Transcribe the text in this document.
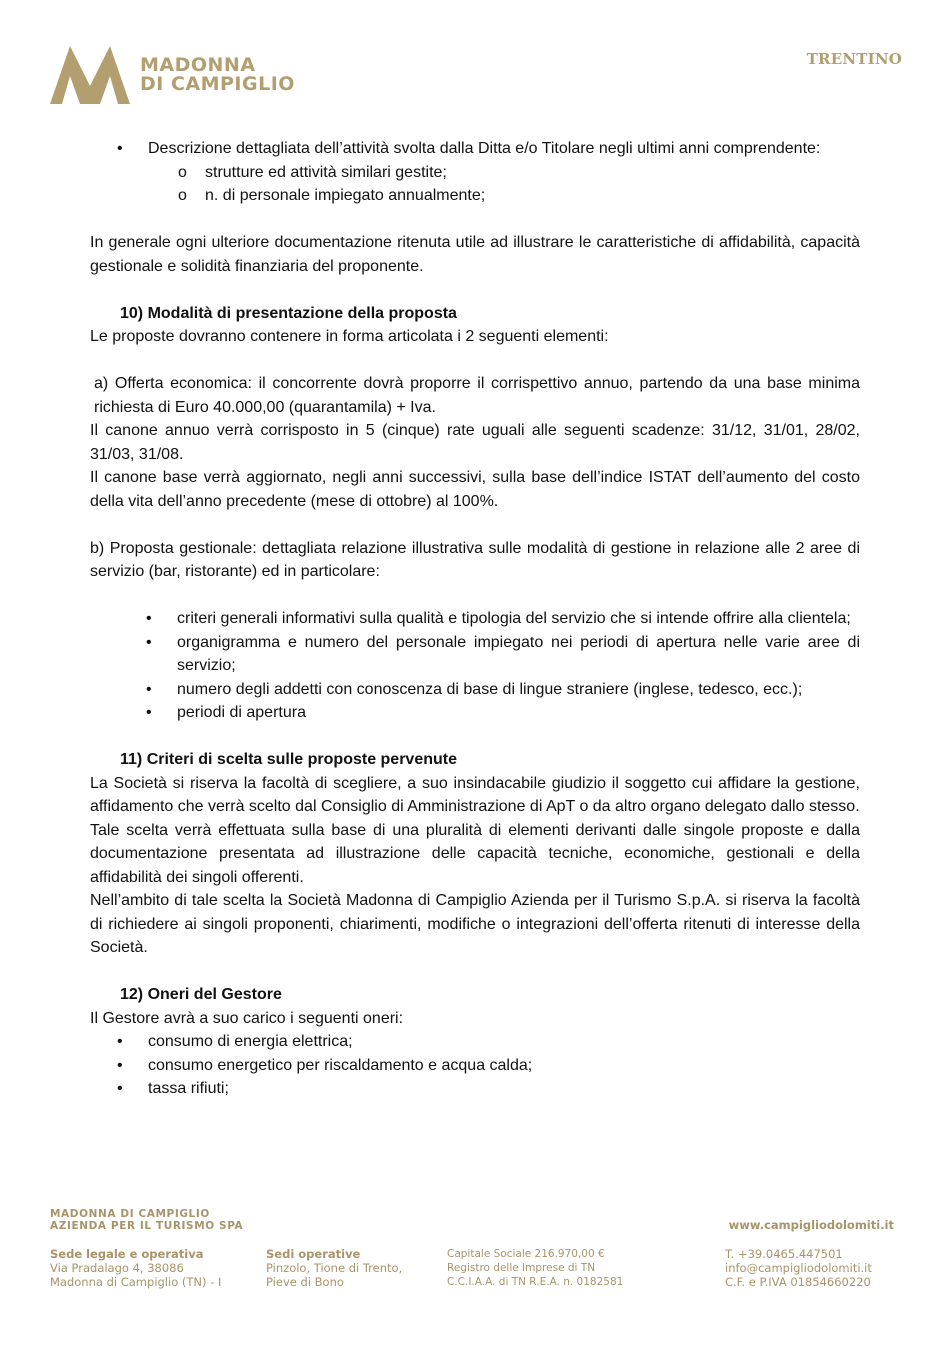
MADONNA
DI CAMPIGLIO
TRENTINO
•	Descrizione dettagliata dell’attività svolta dalla Ditta e/o Titolare negli ultimi anni comprendente:
o	strutture ed attività similari gestite;
o	n. di personale impiegato annualmente;

In generale ogni ulteriore documentazione ritenuta utile ad illustrare le caratteristiche di affidabilità, capacità gestionale e solidità finanziaria del proponente.

10) Modalità di presentazione della proposta

Le proposte dovranno contenere in forma articolata i 2 seguenti elementi:

a) Offerta economica: il concorrente dovrà proporre il corrispettivo annuo, partendo da una base minima richiesta di Euro 40.000,00 (quarantamila) + Iva.

Il canone annuo verrà corrisposto in 5 (cinque) rate uguali alle seguenti scadenze: 31/12, 31/01, 28/02, 31/03, 31/08.

Il canone base verrà aggiornato, negli anni successivi, sulla base dell’indice ISTAT dell’aumento del costo della vita dell’anno precedente (mese di ottobre) al 100%.

b) Proposta gestionale: dettagliata relazione illustrativa sulle modalità di gestione in relazione alle 2 aree di servizio (bar, ristorante) ed in particolare:

•	criteri generali informativi sulla qualità e tipologia del servizio che si intende offrire alla clientela;
•	organigramma e numero del personale impiegato nei periodi di apertura nelle varie aree di servizio;
•	numero degli addetti con conoscenza di base di lingue straniere (inglese, tedesco, ecc.);
•	periodi di apertura

11) Criteri di scelta sulle proposte pervenute

La Società si riserva la facoltà di scegliere, a suo insindacabile giudizio il soggetto cui affidare la gestione, affidamento che verrà scelto dal Consiglio di Amministrazione di ApT o da altro organo delegato dallo stesso.

Tale scelta verrà effettuata sulla base di una pluralità di elementi derivanti dalle singole proposte e dalla documentazione presentata ad illustrazione delle capacità tecniche, economiche, gestionali e della affidabilità dei singoli offerenti.

Nell’ambito di tale scelta la Società Madonna di Campiglio Azienda per il Turismo S.p.A. si riserva la facoltà di richiedere ai singoli proponenti, chiarimenti, modifiche o integrazioni dell’offerta ritenuti di interesse della Società.

12) Oneri del Gestore

Il Gestore avrà a suo carico i seguenti oneri:

•	consumo di energia elettrica;
•	consumo energetico per riscaldamento e acqua calda;
•	tassa rifiuti;
MADONNA DI CAMPIGLIO
AZIENDA PER IL TURISMO SPA	www.campigliodolomiti.it
Sede legale e operativa
Via Pradalago 4, 38086
Madonna di Campiglio (TN) - I
Sedi operative
Pinzolo, Tione di Trento,
Pieve di Bono
Capitale Sociale 216.970,00 €
Registro delle Imprese di TN
C.C.I.A.A. di TN R.E.A. n. 0182581
T. +39.0465.447501
info@campigliodolomiti.it
C.F. e P.IVA 01854660220
